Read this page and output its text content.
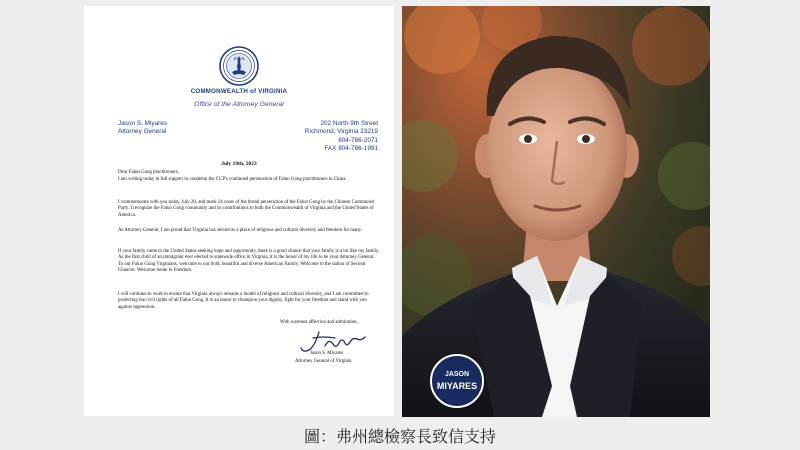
COMMONWEALTH of VIRGINIA
Office of the Attorney General
Jason S. Miyares
Attorney General
202 North 9th Street
Richmond, Virginia 23219
804-786-2071
FAX 804-786-1991
July 19th, 2023

Dear Falun Gong practitioners,

I am writing today in full support to condemn the CCP's continued persecution of Falun Gong practitioners in China.

I commemorate with you today, July 20, and mark 24 years of the brutal persecution of the Falun Gong by the Chinese Communist Party. I recognize the Falun Gong community and its contributions to both the Commonwealth of Virginia and the United States of America.

As Attorney General, I am proud that Virginia has served as a place of religious and cultural diversity and freedom for many.

If your family came to the United States seeking hope and opportunity, there is a good chance that your family is a lot like my family. As the first child of an immigrant ever elected to statewide office in Virginia, it is the honor of my life to be your Attorney General. To our Falun Gong Virginians, welcome to our bold, beautiful and diverse American Family. Welcome to the nation of Second Chances. Welcome home to Freedom.

I will continue to work to ensure that Virginia always remains a model of religious and cultural diversity, and I am committed to protecting the civil rights of all Falun Gong. It is an honor to champion your dignity, fight for your freedom and stand with you against oppression.

With warmest affection and admiration,
Jason S. Miyares
Attorney General of Virginia
JASON
MIYARES
圖：弗州總檢察長致信支持
